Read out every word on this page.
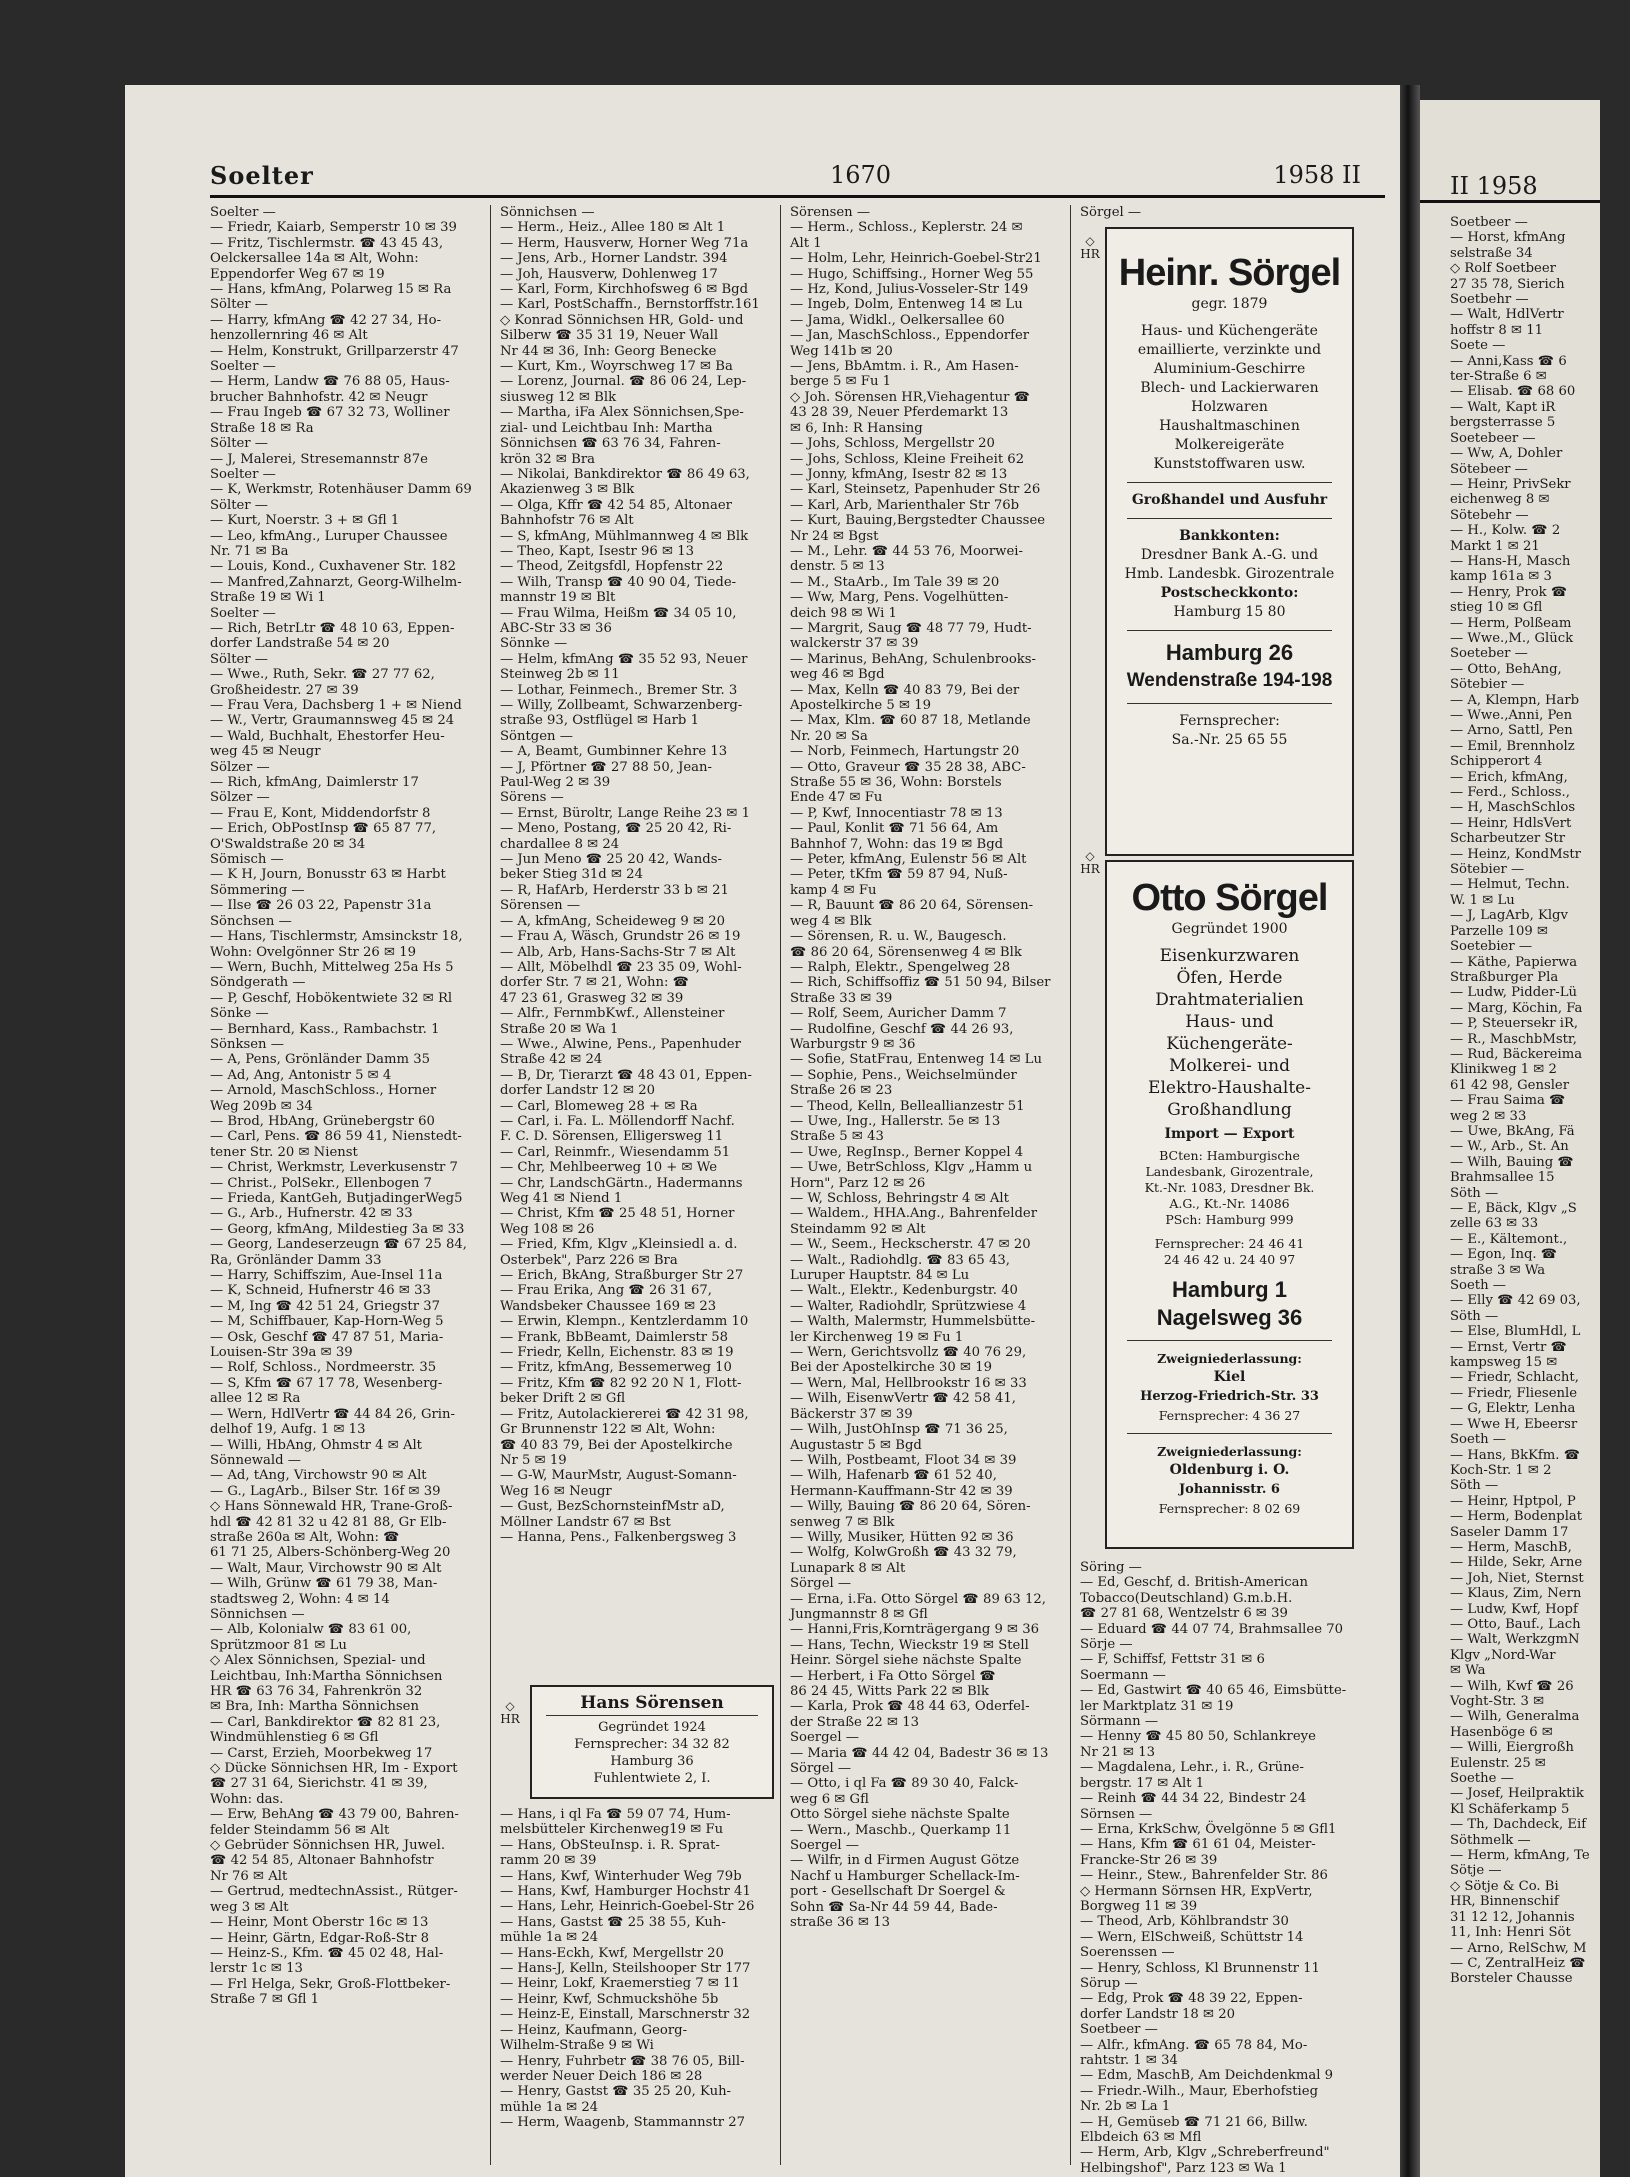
Soelter	1670	1958 II
Soelter —
— Friedr, Kaiarb, Semperstr 10 ✉ 39
— Fritz, Tischlermstr. ☎ 43 45 43,
Oelckersallee 14a ✉ Alt, Wohn:
Eppendorfer Weg 67 ✉ 19
— Hans, kfmAng, Polarweg 15 ✉ Ra
Sölter —
— Harry, kfmAng ☎ 42 27 34, Ho-
henzollernring 46 ✉ Alt
— Helm, Konstrukt, Grillparzerstr 47
Soelter —
— Herm, Landw ☎ 76 88 05, Haus-
brucher Bahnhofstr. 42 ✉ Neugr
— Frau Ingeb ☎ 67 32 73, Wolliner
Straße 18 ✉ Ra
Sölter —
— J, Malerei, Stresemannstr 87e
Soelter —
— K, Werkmstr, Rotenhäuser Damm 69
Sölter —
— Kurt, Noerstr. 3 + ✉ Gfl 1
— Leo, kfmAng., Luruper Chaussee
Nr. 71 ✉ Ba
— Louis, Kond., Cuxhavener Str. 182
— Manfred,Zahnarzt, Georg-Wilhelm-
Straße 19 ✉ Wi 1
Soelter —
— Rich, BetrLtr ☎ 48 10 63, Eppen-
dorfer Landstraße 54 ✉ 20
Sölter —
— Wwe., Ruth, Sekr. ☎ 27 77 62,
Großheidestr. 27 ✉ 39
— Frau Vera, Dachsberg 1 + ✉ Niend
— W., Vertr, Graumannsweg 45 ✉ 24
— Wald, Buchhalt, Ehestorfer Heu-
weg 45 ✉ Neugr
Sölzer —
— Rich, kfmAng, Daimlerstr 17
Sölzer —
— Frau E, Kont, Middendorfstr 8
— Erich, ObPostInsp ☎ 65 87 77,
O'Swaldstraße 20 ✉ 34
Sömisch —
— K H, Journ, Bonusstr 63 ✉ Harbt
Sömmering —
— Ilse ☎ 26 03 22, Papenstr 31a
Sönchsen —
— Hans, Tischlermstr, Amsinckstr 18,
Wohn: Ovelgönner Str 26 ✉ 19
— Wern, Buchh, Mittelweg 25a Hs 5
Söndgerath —
— P, Geschf, Hobökentwiete 32 ✉ Rl
Sönke —
— Bernhard, Kass., Rambachstr. 1
Sönksen —
— A, Pens, Grönländer Damm 35
— Ad, Ang, Antonistr 5 ✉ 4
— Arnold, MaschSchloss., Horner
Weg 209b ✉ 34
— Brod, HbAng, Grünebergstr 60
— Carl, Pens. ☎ 86 59 41, Nienstedt-
tener Str. 20 ✉ Nienst
— Christ, Werkmstr, Leverkusenstr 7
— Christ., PolSekr., Ellenbogen 7
— Frieda, KantGeh, ButjadingerWeg5
— G., Arb., Hufnerstr. 42 ✉ 33
— Georg, kfmAng, Mildestieg 3a ✉ 33
— Georg, Landeserzeugn ☎ 67 25 84,
Ra, Grönländer Damm 33
— Harry, Schiffszim, Aue-Insel 11a
— K, Schneid, Hufnerstr 46 ✉ 33
— M, Ing ☎ 42 51 24, Griegstr 37
— M, Schiffbauer, Kap-Horn-Weg 5
— Osk, Geschf ☎ 47 87 51, Maria-
Louisen-Str 39a ✉ 39
— Rolf, Schloss., Nordmeerstr. 35
— S, Kfm ☎ 67 17 78, Wesenberg-
allee 12 ✉ Ra
— Wern, HdlVertr ☎ 44 84 26, Grin-
delhof 19, Aufg. 1 ✉ 13
— Willi, HbAng, Ohmstr 4 ✉ Alt
Sönnewald —
— Ad, tAng, Virchowstr 90 ✉ Alt
— G., LagArb., Bilser Str. 16f ✉ 39
◇ Hans Sönnewald HR, Trane-Groß-
hdl ☎ 42 81 32 u 42 81 88, Gr Elb-
straße 260a ✉ Alt, Wohn: ☎
61 71 25, Albers-Schönberg-Weg 20
— Walt, Maur, Virchowstr 90 ✉ Alt
— Wilh, Grünw ☎ 61 79 38, Man-
stadtsweg 2, Wohn: 4 ✉ 14
Sönnichsen —
— Alb, Kolonialw ☎ 83 61 00,
Sprützmoor 81 ✉ Lu
◇ Alex Sönnichsen, Spezial- und
Leichtbau, Inh:Martha Sönnichsen
HR ☎ 63 76 34, Fahrenkrön 32
✉ Bra, Inh: Martha Sönnichsen
— Carl, Bankdirektor ☎ 82 81 23,
Windmühlenstieg 6 ✉ Gfl
— Carst, Erzieh, Moorbekweg 17
◇ Dücke Sönnichsen HR, Im - Export
☎ 27 31 64, Sierichstr. 41 ✉ 39,
Wohn: das.
— Erw, BehAng ☎ 43 79 00, Bahren-
felder Steindamm 56 ✉ Alt
◇ Gebrüder Sönnichsen HR, Juwel.
☎ 42 54 85, Altonaer Bahnhofstr
Nr 76 ✉ Alt
— Gertrud, medtechnAssist., Rütger-
weg 3 ✉ Alt
— Heinr, Mont Oberstr 16c ✉ 13
— Heinr, Gärtn, Edgar-Roß-Str 8
— Heinz-S., Kfm. ☎ 45 02 48, Hal-
lerstr 1c ✉ 13
— Frl Helga, Sekr, Groß-Flottbeker-
Straße 7 ✉ Gfl 1
Sönnichsen —
— Herm., Heiz., Allee 180 ✉ Alt 1
— Herm, Hausverw, Horner Weg 71a
— Jens, Arb., Horner Landstr. 394
— Joh, Hausverw, Dohlenweg 17
— Karl, Form, Kirchhofsweg 6 ✉ Bgd
— Karl, PostSchaffn., Bernstorffstr.161
◇ Konrad Sönnichsen HR, Gold- und
Silberw ☎ 35 31 19, Neuer Wall
Nr 44 ✉ 36, Inh: Georg Benecke
— Kurt, Km., Woyrschweg 17 ✉ Ba
— Lorenz, Journal. ☎ 86 06 24, Lep-
siusweg 12 ✉ Blk
— Martha, iFa Alex Sönnichsen,Spe-
zial- und Leichtbau Inh: Martha
Sönnichsen ☎ 63 76 34, Fahren-
krön 32 ✉ Bra
— Nikolai, Bankdirektor ☎ 86 49 63,
Akazienweg 3 ✉ Blk
— Olga, Kffr ☎ 42 54 85, Altonaer
Bahnhofstr 76 ✉ Alt
— S, kfmAng, Mühlmannweg 4 ✉ Blk
— Theo, Kapt, Isestr 96 ✉ 13
— Theod, Zeitgsfdl, Hopfenstr 22
— Wilh, Transp ☎ 40 90 04, Tiede-
mannstr 19 ✉ Blt
— Frau Wilma, Heißm ☎ 34 05 10,
ABC-Str 33 ✉ 36
Sönnke —
— Helm, kfmAng ☎ 35 52 93, Neuer
Steinweg 2b ✉ 11
— Lothar, Feinmech., Bremer Str. 3
— Willy, Zollbeamt, Schwarzenberg-
straße 93, Ostflügel ✉ Harb 1
Söntgen —
— A, Beamt, Gumbinner Kehre 13
— J, Pförtner ☎ 27 88 50, Jean-
Paul-Weg 2 ✉ 39
Sörens —
— Ernst, Büroltr, Lange Reihe 23 ✉ 1
— Meno, Postang, ☎ 25 20 42, Ri-
chardallee 8 ✉ 24
— Jun Meno ☎ 25 20 42, Wands-
beker Stieg 31d ✉ 24
— R, HafArb, Herderstr 33 b ✉ 21
Sörensen —
— A, kfmAng, Scheideweg 9 ✉ 20
— Frau A, Wäsch, Grundstr 26 ✉ 19
— Alb, Arb, Hans-Sachs-Str 7 ✉ Alt
— Allt, Möbelhdl ☎ 23 35 09, Wohl-
dorfer Str. 7 ✉ 21, Wohn: ☎
47 23 61, Grasweg 32 ✉ 39
— Alfr., FernmbKwf., Allensteiner
Straße 20 ✉ Wa 1
— Wwe., Alwine, Pens., Papenhuder
Straße 42 ✉ 24
— B, Dr, Tierarzt ☎ 48 43 01, Eppen-
dorfer Landstr 12 ✉ 20
— Carl, Blomeweg 28 + ✉ Ra
— Carl, i. Fa. L. Möllendorff Nachf.
F. C. D. Sörensen, Elligersweg 11
— Carl, Reinmfr., Wiesendamm 51
— Chr, Mehlbeerweg 10 + ✉ We
— Chr, LandschGärtn., Hadermanns
Weg 41 ✉ Niend 1
— Christ, Kfm ☎ 25 48 51, Horner
Weg 108 ✉ 26
— Fried, Kfm, Klgv „Kleinsiedl a. d.
Osterbek", Parz 226 ✉ Bra
— Erich, BkAng, Straßburger Str 27
— Frau Erika, Ang ☎ 26 31 67,
Wandsbeker Chaussee 169 ✉ 23
— Erwin, Klempn., Kentzlerdamm 10
— Frank, BbBeamt, Daimlerstr 58
— Friedr, Kelln, Eichenstr. 83 ✉ 19
— Fritz, kfmAng, Bessemerweg 10
— Fritz, Kfm ☎ 82 92 20 N 1, Flott-
beker Drift 2 ✉ Gfl
— Fritz, Autolackiererei ☎ 42 31 98,
Gr Brunnenstr 122 ✉ Alt, Wohn:
☎ 40 83 79, Bei der Apostelkirche
Nr 5 ✉ 19
— G-W, MaurMstr, August-Somann-
Weg 16 ✉ Neugr
— Gust, BezSchornsteinfMstr aD,
Möllner Landstr 67 ✉ Bst
— Hanna, Pens., Falkenbergsweg 3
◇ HR
Hans Sörensen
Gegründet 1924
Fernsprecher: 34 32 82
Hamburg 36
Fuhlentwiete 2, I.
— Hans, i ql Fa ☎ 59 07 74, Hum-
melsbütteler Kirchenweg19 ✉ Fu
— Hans, ObSteuInsp. i. R. Sprat-
ramm 20 ✉ 39
— Hans, Kwf, Winterhuder Weg 79b
— Hans, Kwf, Hamburger Hochstr 41
— Hans, Lehr, Heinrich-Goebel-Str 26
— Hans, Gastst ☎ 25 38 55, Kuh-
mühle 1a ✉ 24
— Hans-Eckh, Kwf, Mergellstr 20
— Hans-J, Kelln, Steilshooper Str 177
— Heinr, Lokf, Kraemerstieg 7 ✉ 11
— Heinr, Kwf, Schmuckshöhe 5b
— Heinz-E, Einstall, Marschnerstr 32
— Heinz, Kaufmann, Georg-
Wilhelm-Straße 9 ✉ Wi
— Henry, Fuhrbetr ☎ 38 76 05, Bill-
werder Neuer Deich 186 ✉ 28
— Henry, Gastst ☎ 35 25 20, Kuh-
mühle 1a ✉ 24
— Herm, Waagenb, Stammannstr 27
Sörensen —
— Herm., Schloss., Keplerstr. 24 ✉
Alt 1
— Holm, Lehr, Heinrich-Goebel-Str21
— Hugo, Schiffsing., Horner Weg 55
— Hz, Kond, Julius-Vosseler-Str 149
— Ingeb, Dolm, Entenweg 14 ✉ Lu
— Jama, Widkl., Oelkersallee 60
— Jan, MaschSchloss., Eppendorfer
Weg 141b ✉ 20
— Jens, BbAmtm. i. R., Am Hasen-
berge 5 ✉ Fu 1
◇ Joh. Sörensen HR,Viehagentur ☎
43 28 39, Neuer Pferdemarkt 13
✉ 6, Inh: R Hansing
— Johs, Schloss, Mergellstr 20
— Johs, Schloss, Kleine Freiheit 62
— Jonny, kfmAng, Isestr 82 ✉ 13
— Karl, Steinsetz, Papenhuder Str 26
— Karl, Arb, Marienthaler Str 76b
— Kurt, Bauing,Bergstedter Chaussee
Nr 24 ✉ Bgst
— M., Lehr. ☎ 44 53 76, Moorwei-
denstr. 5 ✉ 13
— M., StaArb., Im Tale 39 ✉ 20
— Ww, Marg, Pens. Vogelhütten-
deich 98 ✉ Wi 1
— Margrit, Saug ☎ 48 77 79, Hudt-
walckerstr 37 ✉ 39
— Marinus, BehAng, Schulenbrooks-
weg 46 ✉ Bgd
— Max, Kelln ☎ 40 83 79, Bei der
Apostelkirche 5 ✉ 19
— Max, Klm. ☎ 60 87 18, Metlande
Nr. 20 ✉ Sa
— Norb, Feinmech, Hartungstr 20
— Otto, Graveur ☎ 35 28 38, ABC-
Straße 55 ✉ 36, Wohn: Borstels
Ende 47 ✉ Fu
— P, Kwf, Innocentiastr 78 ✉ 13
— Paul, Konlit ☎ 71 56 64, Am
Bahnhof 7, Wohn: das 19 ✉ Bgd
— Peter, kfmAng, Eulenstr 56 ✉ Alt
— Peter, tKfm ☎ 59 87 94, Nuß-
kamp 4 ✉ Fu
— R, Bauunt ☎ 86 20 64, Sörensen-
weg 4 ✉ Blk
— Sörensen, R. u. W., Baugesch.
☎ 86 20 64, Sörensenweg 4 ✉ Blk
— Ralph, Elektr., Spengelweg 28
— Rich, Schiffsoffiz ☎ 51 50 94, Bilser
Straße 33 ✉ 39
— Rolf, Seem, Auricher Damm 7
— Rudolfine, Geschf ☎ 44 26 93,
Warburgstr 9 ✉ 36
— Sofie, StatFrau, Entenweg 14 ✉ Lu
— Sophie, Pens., Weichselmünder
Straße 26 ✉ 23
— Theod, Kelln, Belleallianzestr 51
— Uwe, Ing., Hallerstr. 5e ✉ 13
Straße 5 ✉ 43
— Uwe, RegInsp., Berner Koppel 4
— Uwe, BetrSchloss, Klgv „Hamm u
Horn", Parz 12 ✉ 26
— W, Schloss, Behringstr 4 ✉ Alt
— Waldem., HHA.Ang., Bahrenfelder
Steindamm 92 ✉ Alt
— W., Seem., Heckscherstr. 47 ✉ 20
— Walt., Radiohdlg. ☎ 83 65 43,
Luruper Hauptstr. 84 ✉ Lu
— Walt., Elektr., Kedenburgstr. 40
— Walter, Radiohdlr, Sprützwiese 4
— Walth, Malermstr, Hummelsbütte-
ler Kirchenweg 19 ✉ Fu 1
— Wern, Gerichtsvollz ☎ 40 76 29,
Bei der Apostelkirche 30 ✉ 19
— Wern, Mal, Hellbrookstr 16 ✉ 33
— Wilh, EisenwVertr ☎ 42 58 41,
Bäckerstr 37 ✉ 39
— Wilh, JustOhInsp ☎ 71 36 25,
Augustastr 5 ✉ Bgd
— Wilh, Postbeamt, Floot 34 ✉ 39
— Wilh, Hafenarb ☎ 61 52 40,
Hermann-Kauffmann-Str 42 ✉ 39
— Willy, Bauing ☎ 86 20 64, Sören-
senweg 7 ✉ Blk
— Willy, Musiker, Hütten 92 ✉ 36
— Wolfg, KolwGroßh ☎ 43 32 79,
Lunapark 8 ✉ Alt
Sörgel —
— Erna, i.Fa. Otto Sörgel ☎ 89 63 12,
Jungmannstr 8 ✉ Gfl
— Hanni,Fris,Kornträgergang 9 ✉ 36
— Hans, Techn, Wieckstr 19 ✉ Stell
Heinr. Sörgel siehe nächste Spalte
— Herbert, i Fa Otto Sörgel ☎
86 24 45, Witts Park 22 ✉ Blk
— Karla, Prok ☎ 48 44 63, Oderfel-
der Straße 22 ✉ 13
Soergel —
— Maria ☎ 44 42 04, Badestr 36 ✉ 13
Sörgel —
— Otto, i ql Fa ☎ 89 30 40, Falck-
weg 6 ✉ Gfl
Otto Sörgel siehe nächste Spalte
— Wern., Maschb., Querkamp 11
Soergel —
— Wilfr, in d Firmen August Götze
Nachf u Hamburger Schellack-Im-
port - Gesellschaft Dr Soergel &
Sohn ☎ Sa-Nr 44 59 44, Bade-
straße 36 ✉ 13
Sörgel —
◇ HR Heinr. Sörgel
gegr. 1879
Haus- und Küchengeräte
emaillierte, verzinkte und
Aluminium-Geschirre
Blech- und Lackierwaren
Holzwaren
Haushaltmaschinen
Molkereigeräte
Kunststoffwaren usw.
Großhandel und Ausfuhr
Bankkonten:
Dresdner Bank A.-G. und
Hmb. Landesbk. Girozentrale
Postscheckkonto:
Hamburg 15 80
Hamburg 26
Wendenstraße 194-198
Fernsprecher:
Sa.-Nr. 25 65 55
◇ HR
Otto Sörgel
Gegründet 1900
Eisenkurzwaren
Öfen, Herde
Drahtmaterialien
Haus- und
Küchengeräte-
Molkerei- und
Elektro-Haushalte-
Großhandlung
Import — Export
BCten: Hamburgische
Landesbank, Girozentrale,
Kt.-Nr. 1083, Dresdner Bk.
A.G., Kt.-Nr. 14086
PSch: Hamburg 999
Fernsprecher: 24 46 41
24 46 42 u. 24 40 97
Hamburg 1
Nagelsweg 36
Zweigniederlassung:
Kiel
Herzog-Friedrich-Str. 33
Fernsprecher: 4 36 27
Zweigniederlassung:
Oldenburg i. O.
Johannisstr. 6
Fernsprecher: 8 02 69
Söring —
— Ed, Geschf, d. British-American
Tobacco(Deutschland) G.m.b.H.
☎ 27 81 68, Wentzelstr 6 ✉ 39
— Eduard ☎ 44 07 74, Brahmsallee 70
Sörje —
— F, Schiffsf, Fettstr 31 ✉ 6
Soermann —
— Ed, Gastwirt ☎ 40 65 46, Eimsbütte-
ler Marktplatz 31 ✉ 19
Sörmann —
— Henny ☎ 45 80 50, Schlankreye
Nr 21 ✉ 13
— Magdalena, Lehr., i. R., Grüne-
bergstr. 17 ✉ Alt 1
— Reinh ☎ 44 34 22, Bindestr 24
Sörnsen —
— Erna, KrkSchw, Övelgönne 5 ✉ Gfl1
— Hans, Kfm ☎ 61 61 04, Meister-
Francke-Str 26 ✉ 39
— Heinr., Stew., Bahrenfelder Str. 86
◇ Hermann Sörnsen HR, ExpVertr,
Borgweg 11 ✉ 39
— Theod, Arb, Köhlbrandstr 30
— Wern, ElSchweiß, Schüttstr 14
Soerenssen —
— Henry, Schloss, Kl Brunnenstr 11
Sörup —
— Edg, Prok ☎ 48 39 22, Eppen-
dorfer Landstr 18 ✉ 20
Soetbeer —
— Alfr., kfmAng. ☎ 65 78 84, Mo-
rahtstr. 1 ✉ 34
— Edm, MaschB, Am Deichdenkmal 9
— Friedr.-Wilh., Maur, Eberhofstieg
Nr. 2b ✉ La 1
— H, Gemüseb ☎ 71 21 66, Billw.
Elbdeich 63 ✉ Mfl
— Herm, Arb, Klgv „Schreberfreund"
Helbingshof", Parz 123 ✉ Wa 1
II 1958
Soetbeer —
— Horst, kfmAng
selstraße 34
◇ Rolf Soetbeer
27 35 78, Sierich
Soetbehr —
— Walt, HdlVertr
hoffstr 8 ✉ 11
Soete —
— Anni,Kass ☎ 6
ter-Straße 6 ✉
— Elisab. ☎ 68 60
— Walt, Kapt iR
bergsterrasse 5
Soetebeer —
— Ww, A, Dohler
Sötebeer —
— Heinr, PrivSekr
eichenweg 8 ✉
Sötebehr —
— H., Kolw. ☎ 2
Markt 1 ✉ 21
— Hans-H, Masch
kamp 161a ✉ 3
— Henry, Prok ☎
stieg 10 ✉ Gfl
— Herm, Polßeam
— Wwe.,M., Glück
Soeteber —
— Otto, BehAng,
Sötebier —
— A, Klempn, Harb
— Wwe.,Anni, Pen
— Arno, Sattl, Pen
— Emil, Brennholz
Schipperort 4
— Erich, kfmAng,
— Ferd., Schloss.,
— H, MaschSchlos
— Heinr, HdlsVert
Scharbeutzer Str
— Heinz, KondMstr
Sötebier —
— Helmut, Techn.
W. 1 ✉ Lu
— J, LagArb, Klgv
Parzelle 109 ✉
Soetebier —
— Käthe, Papierwa
Straßburger Pla
— Ludw, Pidder-Lü
— Marg, Köchin, Fa
— P, Steuersekr iR,
— R., MaschbMstr,
— Rud, Bäckereima
Klinikweg 1 ✉ 2
61 42 98, Gensler
— Frau Saima ☎
weg 2 ✉ 33
— Uwe, BkAng, Fä
— W., Arb., St. An
— Wilh, Bauing ☎
Brahmsallee 15
Söth —
— E, Bäck, Klgv „S
zelle 63 ✉ 33
— E., Kältemont.,
— Egon, Inq. ☎
straße 3 ✉ Wa
Soeth —
— Elly ☎ 42 69 03,
Söth —
— Else, BlumHdl, L
— Ernst, Vertr ☎
kampsweg 15 ✉
— Friedr, Schlacht,
— Friedr, Fliesenle
— G, Elektr, Lenha
— Wwe H, Ebeersr
Soeth —
— Hans, BkKfm. ☎
Koch-Str. 1 ✉ 2
Söth —
— Heinr, Hptpol, P
— Herm, Bodenplat
Saseler Damm 17
— Herm, MaschB,
— Hilde, Sekr, Arne
— Joh, Niet, Sternst
— Klaus, Zim, Nern
— Ludw, Kwf, Hopf
— Otto, Bauf., Lach
— Walt, WerkzgmN
Klgv „Nord-War
✉ Wa
— Wilh, Kwf ☎ 26
Voght-Str. 3 ✉
— Wilh, Generalma
Hasenböge 6 ✉
— Willi, Eiergroßh
Eulenstr. 25 ✉
Soethe —
— Josef, Heilpraktik
Kl Schäferkamp 5
— Th, Dachdeck, Eif
Söthmelk —
— Herm, kfmAng, Te
Sötje —
◇ Sötje & Co. Bi
HR, Binnenschif
31 12 12, Johannis
11, Inh: Henri Söt
— Arno, RelSchw, M
— C, ZentralHeiz ☎
Borsteler Chausse
